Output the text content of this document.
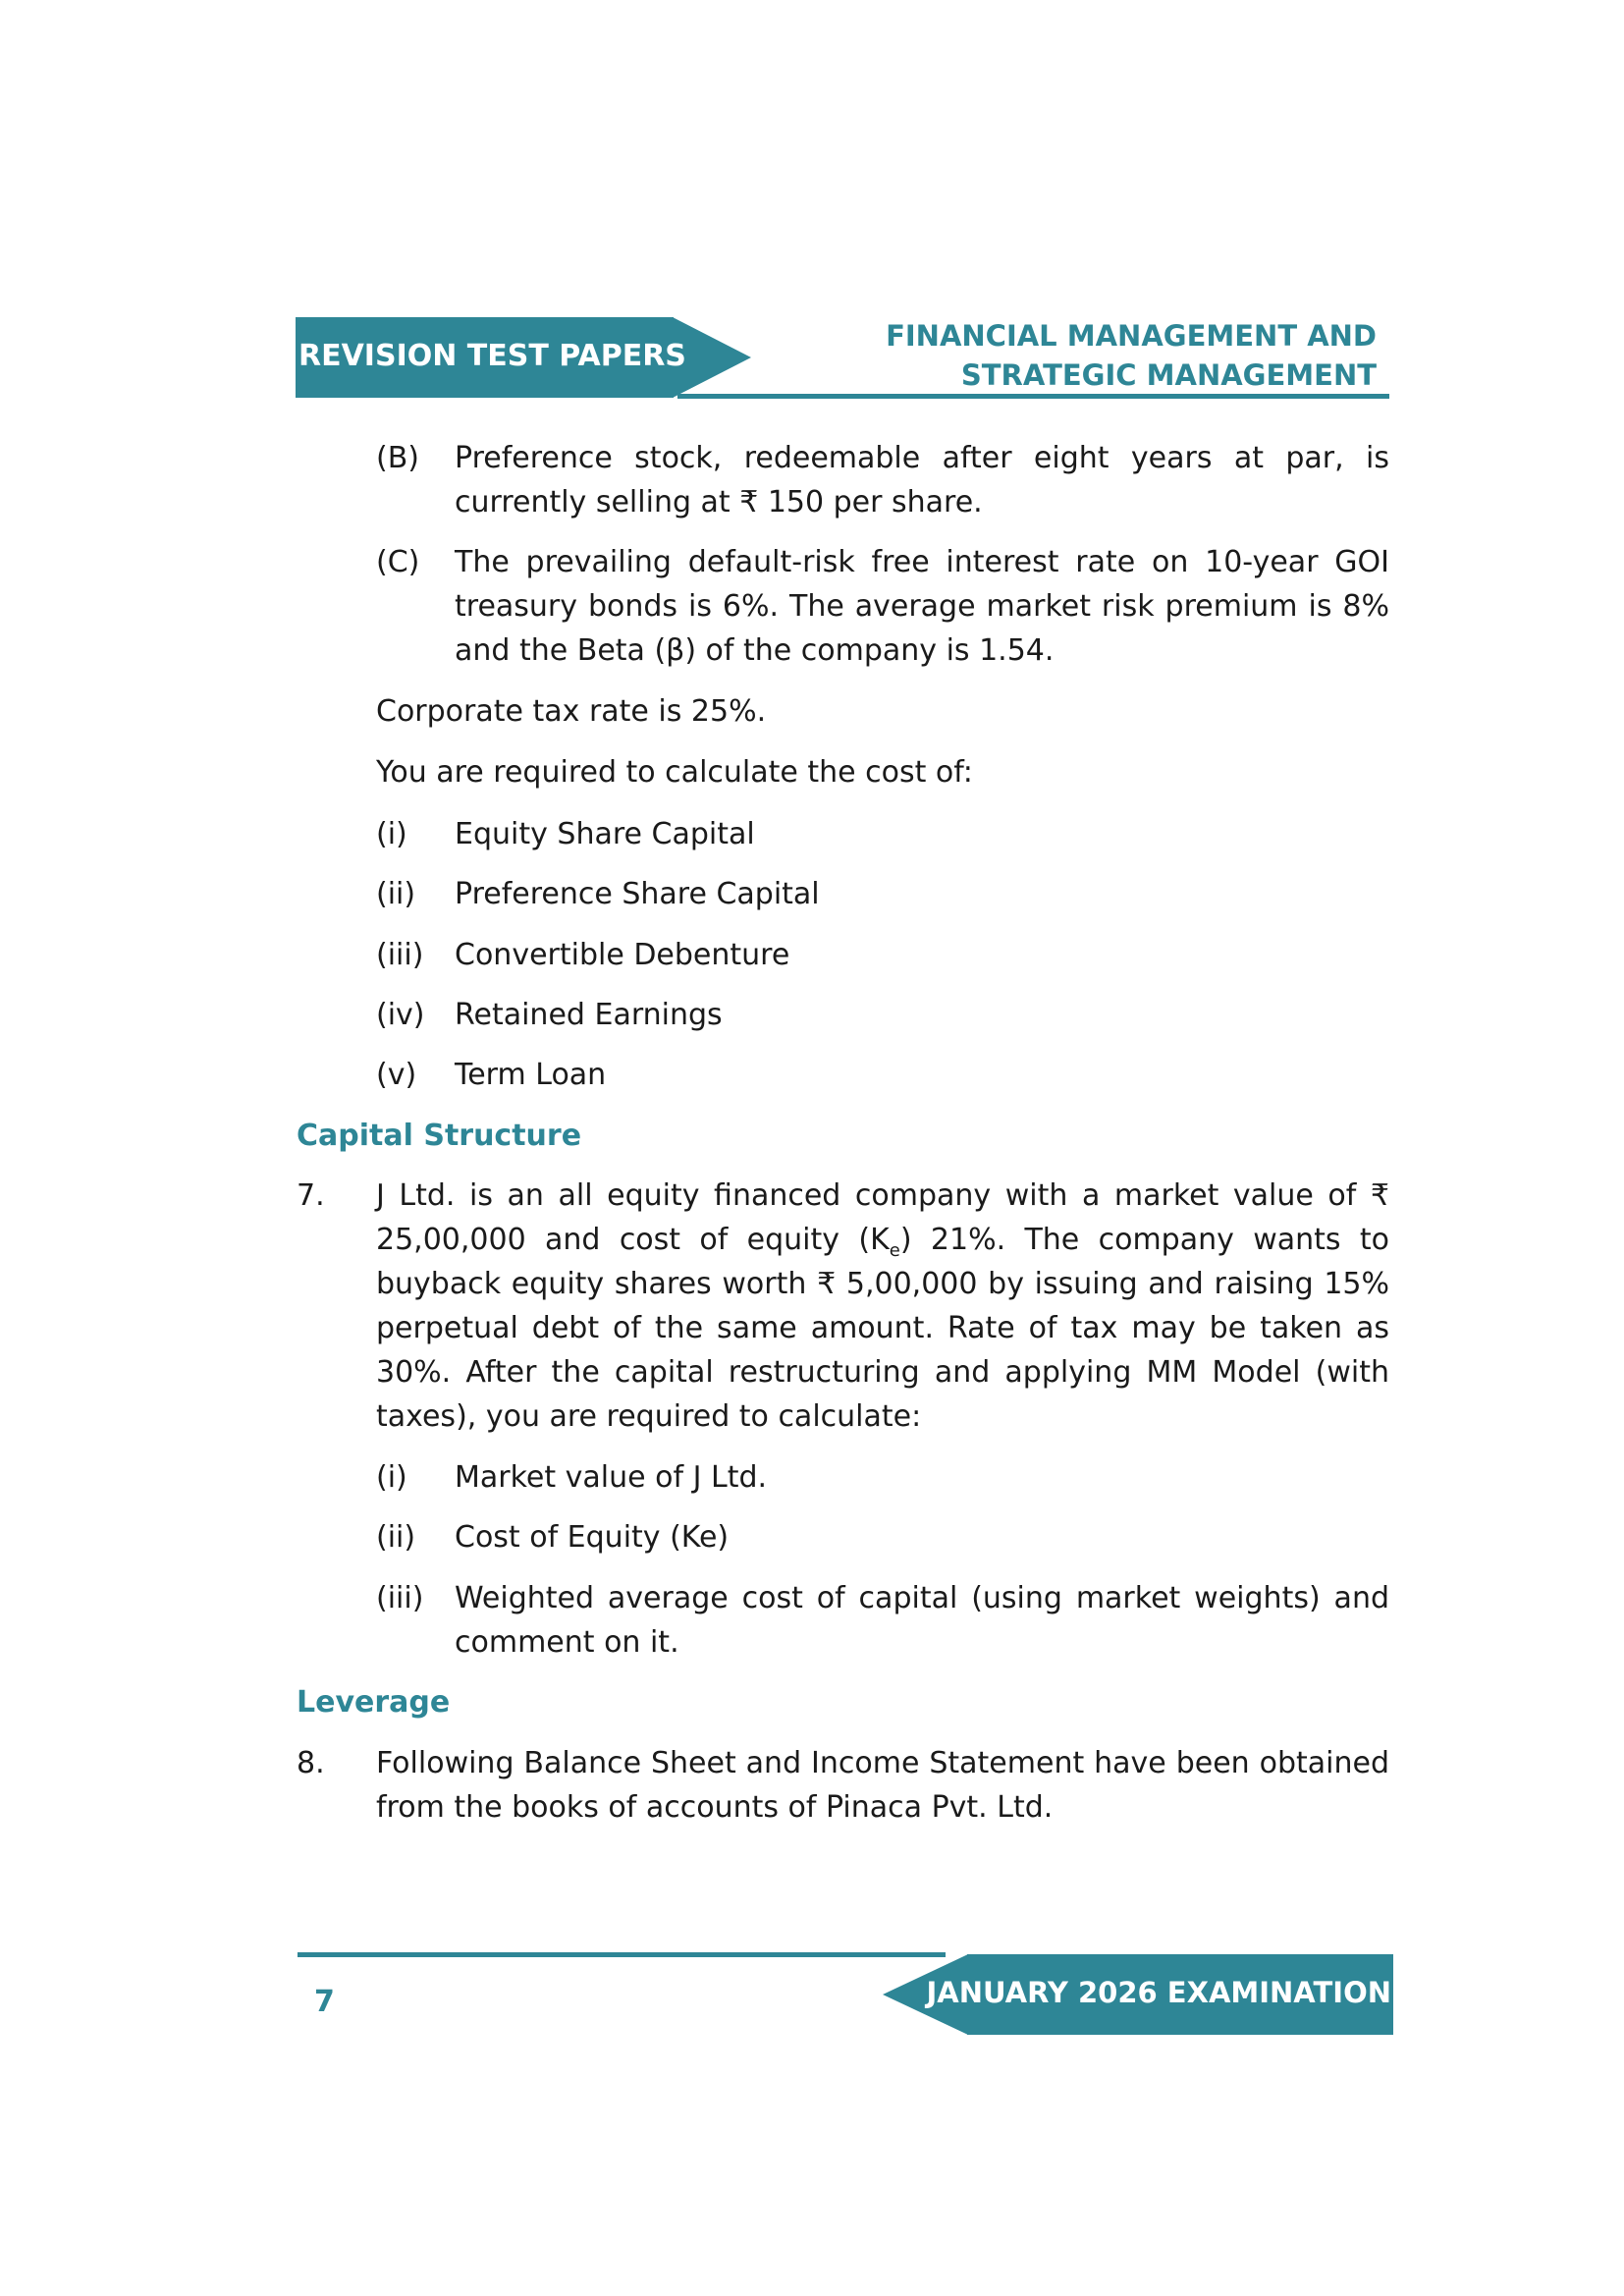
REVISION TEST PAPERS
FINANCIAL MANAGEMENT AND
STRATEGIC MANAGEMENT
(B) Preference stock, redeemable after eight years at par, is currently selling at ₹ 150 per share.
(C) The prevailing default-risk free interest rate on 10-year GOI treasury bonds is 6%. The average market risk premium is 8% and the Beta (β) of the company is 1.54.
Corporate tax rate is 25%.
You are required to calculate the cost of:
(i) Equity Share Capital
(ii) Preference Share Capital
(iii) Convertible Debenture
(iv) Retained Earnings
(v) Term Loan
Capital Structure
7. J Ltd. is an all equity financed company with a market value of ₹ 25,00,000 and cost of equity $(K_e)$ 21%. The company wants to buyback equity shares worth ₹ 5,00,000 by issuing and raising 15% perpetual debt of the same amount. Rate of tax may be taken as 30%. After the capital restructuring and applying MM Model (with taxes), you are required to calculate:
(i) Market value of J Ltd.
(ii) Cost of Equity (Ke)
(iii) Weighted average cost of capital (using market weights) and comment on it.
Leverage
8. Following Balance Sheet and Income Statement have been obtained from the books of accounts of Pinaca Pvt. Ltd.
JANUARY 2026 EXAMINATION
7
